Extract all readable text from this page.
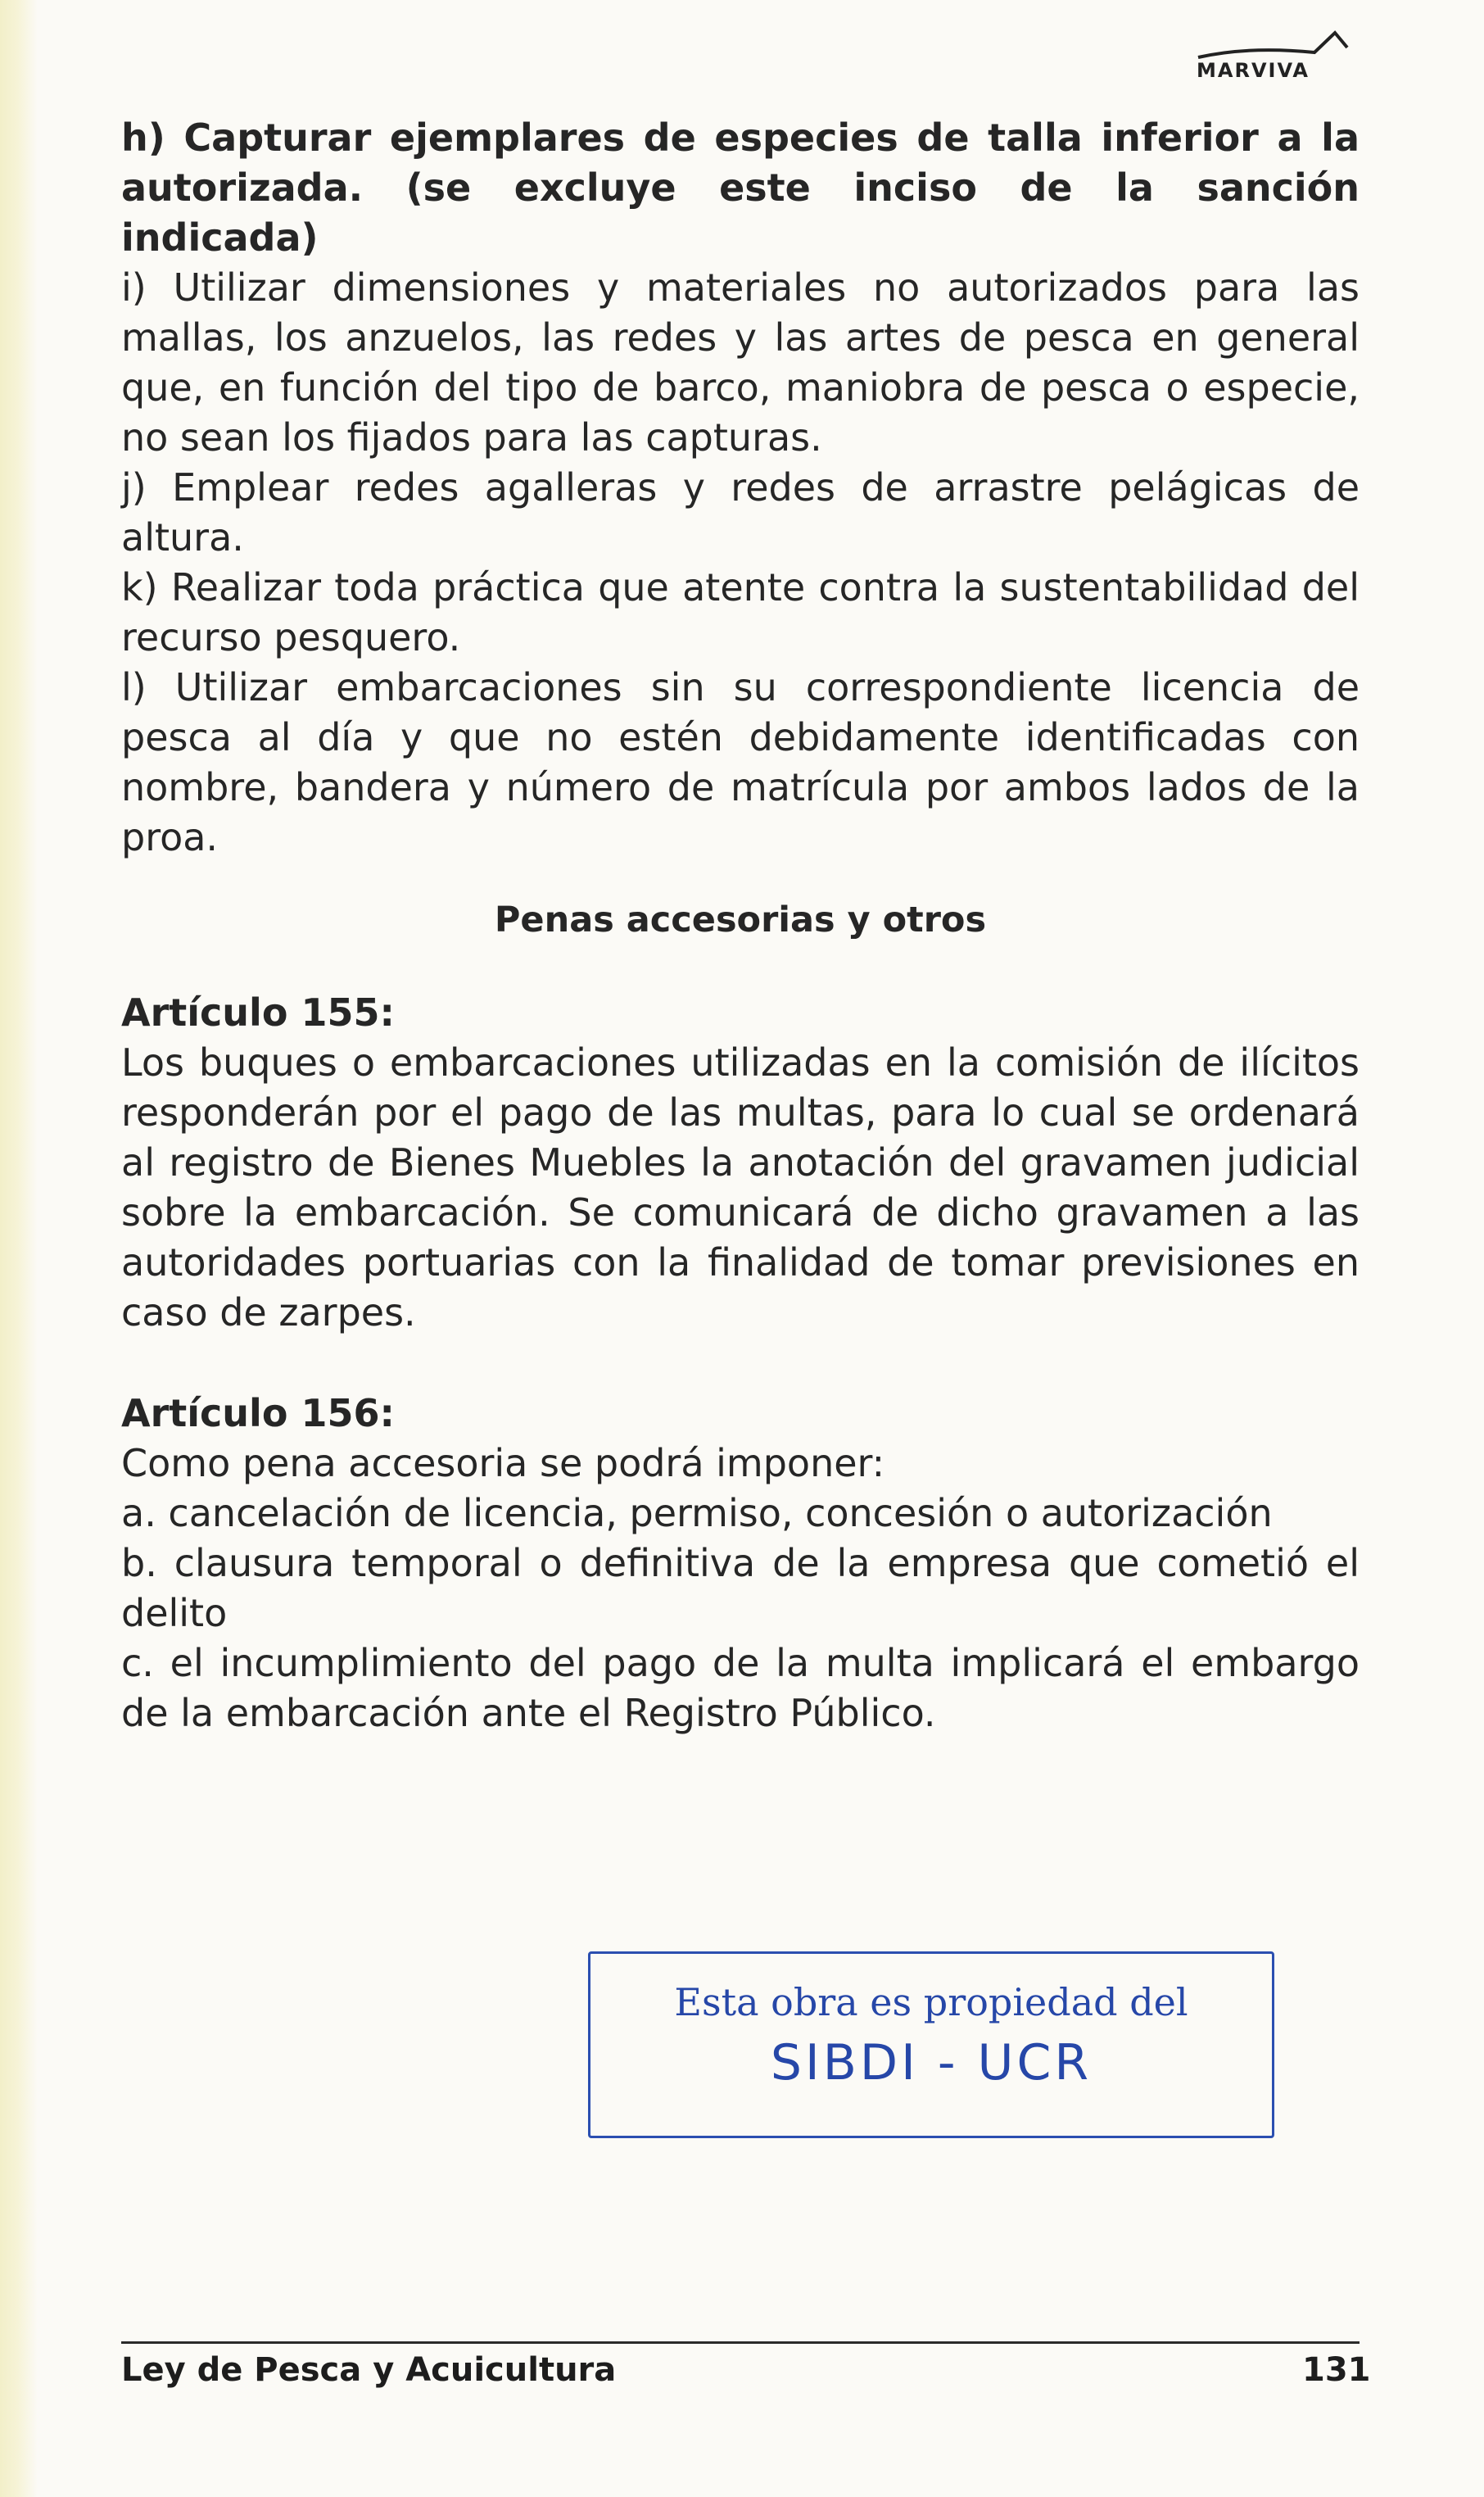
MARVIVA

h) Capturar ejemplares de especies de talla inferior a la autorizada. (se excluye este inciso de la sanción indicada)

i) Utilizar dimensiones y materiales no autorizados para las mallas, los anzuelos, las redes y las artes de pesca en general que, en función del tipo de barco, maniobra de pesca o especie, no sean los fijados para las capturas.

j) Emplear redes agalleras y redes de arrastre pelágicas de altura.

k) Realizar toda práctica que atente contra la sustentabilidad del recurso pesquero.

l) Utilizar embarcaciones sin su correspondiente licencia de pesca al día y que no estén debidamente identificadas con nombre, bandera y número de matrícula por ambos lados de la proa.

Penas accesorias y otros

Artículo 155:

Los buques o embarcaciones utilizadas en la comisión de ilícitos responderán por el pago de las multas, para lo cual se ordenará al registro de Bienes Muebles la anotación del gravamen judicial sobre la embarcación. Se comunicará de dicho gravamen a las autoridades portuarias con la finalidad de tomar previsiones en caso de zarpes.

Artículo 156:

Como pena accesoria se podrá imponer:

a. cancelación de licencia, permiso, concesión o autorización

b. clausura temporal o definitiva de la empresa que cometió el delito

c. el incumplimiento del pago de la multa implicará el embargo de la embarcación ante el Registro Público.

Esta obra es propiedad del
SIBDI - UCR
Ley de Pesca y Acuicultura	131
